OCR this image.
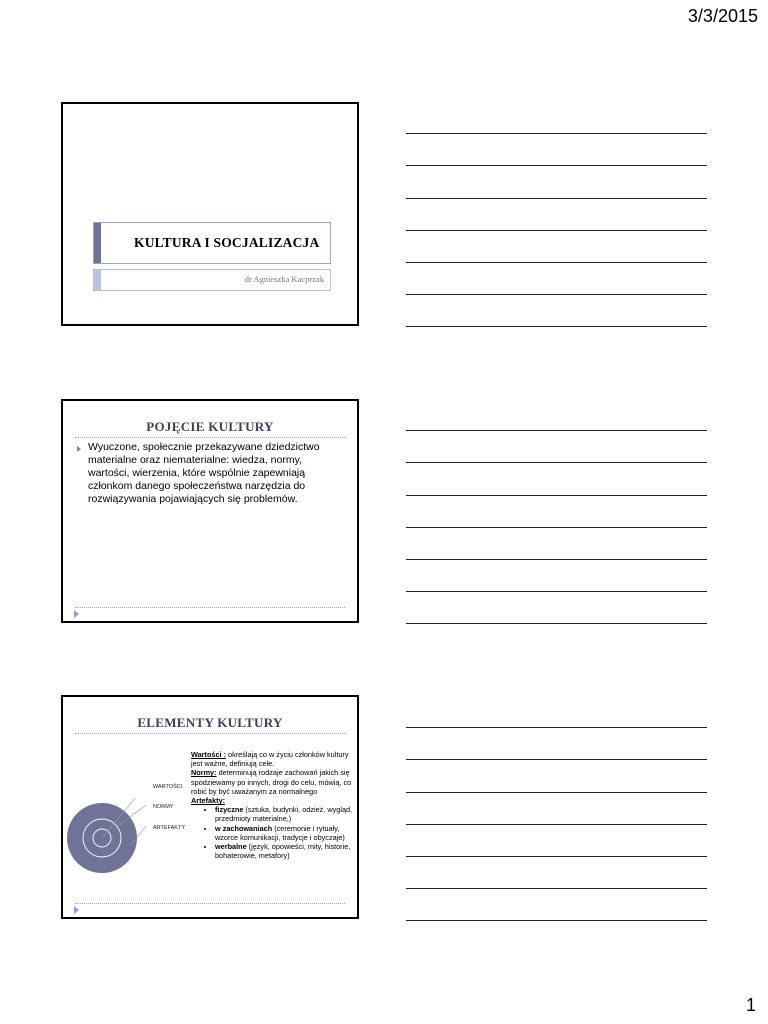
3/3/2015
KULTURA I SOCJALIZACJA
dr Agnieszka Kacprzak
POJĘCIE KULTURY
Wyuczone, społecznie przekazywane dziedzictwo materialne oraz niematerialne: wiedza, normy, wartości, wierzenia, które wspólnie zapewniają członkom danego społeczeństwa narzędzia do rozwiązywania pojawiających się problemów.
ELEMENTY KULTURY
WARTOŚCI
NORMY
ARTEFAKTY
Wartości : określają co w życiu członków kultury jest ważne, definiują cele.
Normy: determinują rodzaje zachowań jakich się spodziewamy po innych, drogi do celu, mówią, co robić by być uważanym za normalnego
Artefakty:
• fizyczne (sztuka, budynki, odzież, wygląd, przedmioty materialne,)
• w zachowaniach (ceremonie i rytuały, wzorce komunikacji, tradycje i obyczaje)
• werbalne (język, opowieści, mity, historie, bohaterowie, metafory)
1
